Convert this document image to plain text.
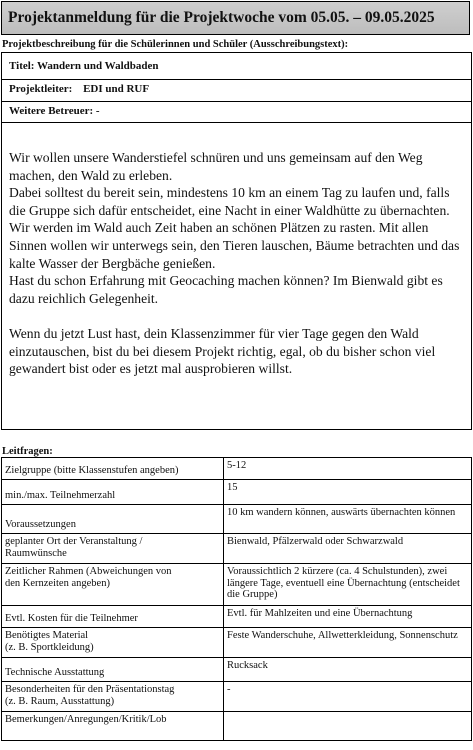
Projektanmeldung für die Projektwoche vom 05.05. – 09.05.2025
Projektbeschreibung für die Schülerinnen und Schüler (Ausschreibungstext):
Titel: Wandern und Waldbaden
Projektleiter: EDI und RUF
Weitere Betreuer: -

Wir wollen unsere Wanderstiefel schnüren und uns gemeinsam auf den Weg machen, den Wald zu erleben.

Dabei solltest du bereit sein, mindestens 10 km an einem Tag zu laufen und, falls die Gruppe sich dafür entscheidet, eine Nacht in einer Waldhütte zu übernachten. Wir werden im Wald auch Zeit haben an schönen Plätzen zu rasten. Mit allen Sinnen wollen wir unterwegs sein, den Tieren lauschen, Bäume betrachten und das kalte Wasser der Bergbäche genießen.

Hast du schon Erfahrung mit Geocaching machen können? Im Bienwald gibt es dazu reichlich Gelegenheit.

Wenn du jetzt Lust hast, dein Klassenzimmer für vier Tage gegen den Wald einzutauschen, bist du bei diesem Projekt richtig, egal, ob du bisher schon viel gewandert bist oder es jetzt mal ausprobieren willst.

Leitfragen:
Zielgruppe (bitte Klassenstufen angeben)	5-12

min./max. Teilnehmerzahl	15

Voraussetzungen	10 km wandern können, auswärts übernachten können

geplanter Ort der Veranstaltung /
Raumwünsche	Bienwald, Pfälzerwald oder Schwarzwald

Zeitlicher Rahmen (Abweichungen von
den Kernzeiten angeben)	Voraussichtlich 2 kürzere (ca. 4 Schulstunden), zwei längere Tage, eventuell eine Übernachtung (entscheidet die Gruppe)

Evtl. Kosten für die Teilnehmer	Evtl. für Mahlzeiten und eine Übernachtung

Benötigtes Material
(z. B. Sportkleidung)	Feste Wanderschuhe, Allwetterkleidung, Sonnenschutz

Technische Ausstattung	Rucksack

Besonderheiten für den Präsentationstag
(z. B. Raum, Ausstattung)	-

Bemerkungen/Anregungen/Kritik/Lob	
